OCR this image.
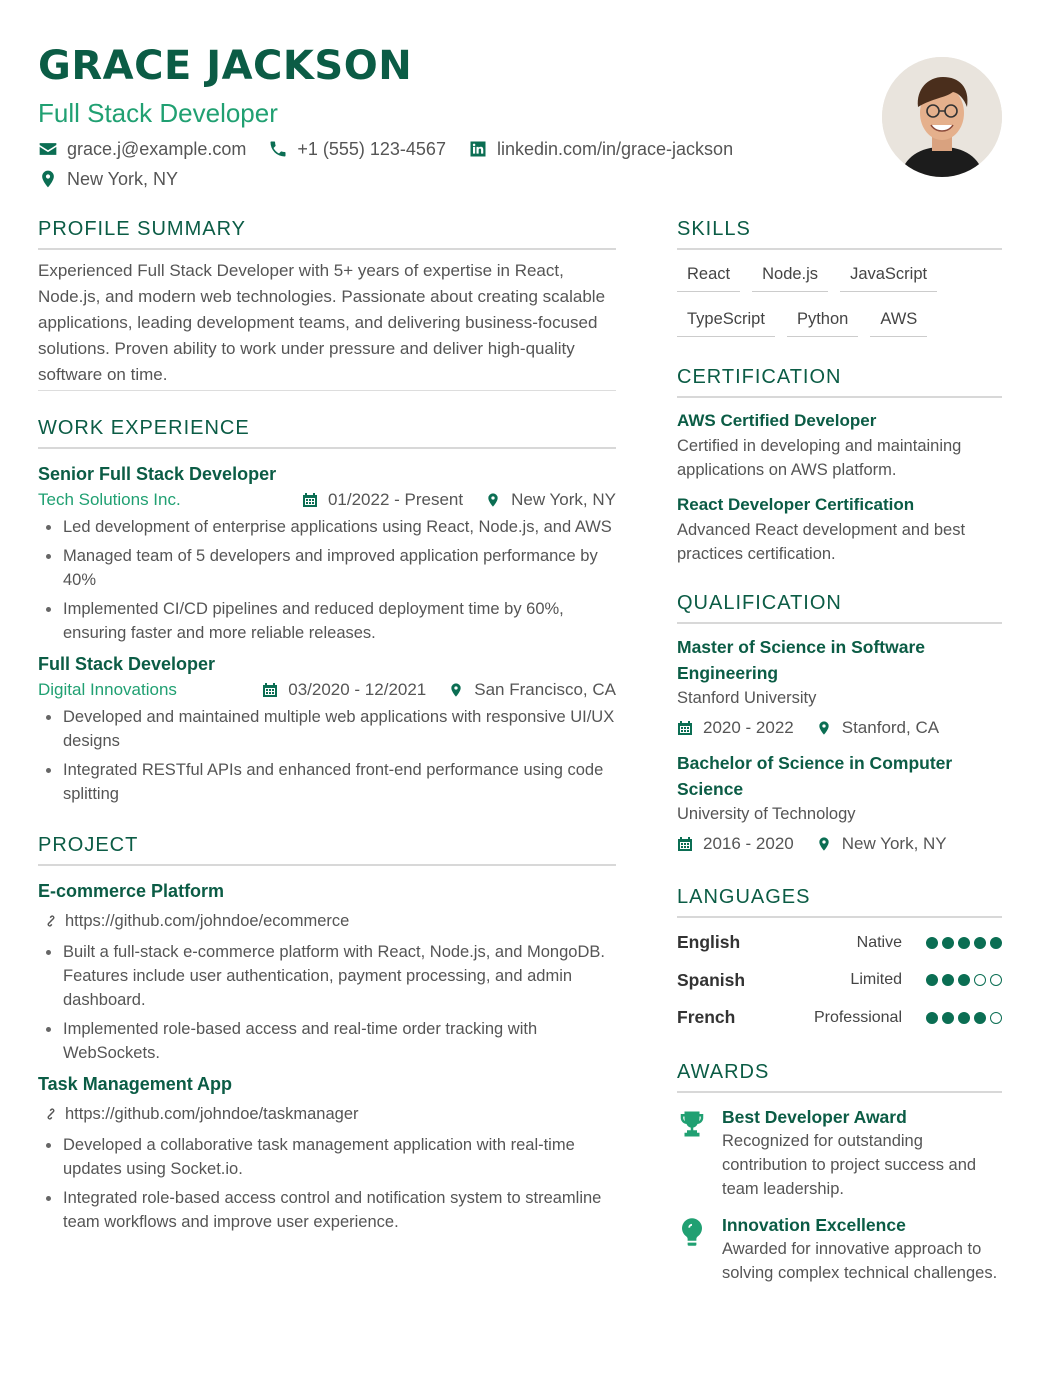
GRACE JACKSON
Full Stack Developer
grace.j@example.com	+1 (555) 123-4567	linkedin.com/in/grace-jackson
New York, NY
PROFILE SUMMARY
Experienced Full Stack Developer with 5+ years of expertise in React, Node.js, and modern web technologies. Passionate about creating scalable applications, leading development teams, and delivering business-focused solutions. Proven ability to work under pressure and deliver high-quality software on time.
WORK EXPERIENCE
Senior Full Stack Developer
Tech Solutions Inc.	01/2022 - Present	New York, NY
Led development of enterprise applications using React, Node.js, and AWS
Managed team of 5 developers and improved application performance by 40%
Implemented CI/CD pipelines and reduced deployment time by 60%, ensuring faster and more reliable releases.
Full Stack Developer
Digital Innovations	03/2020 - 12/2021	San Francisco, CA
Developed and maintained multiple web applications with responsive UI/UX designs
Integrated RESTful APIs and enhanced front-end performance using code splitting
PROJECT
E-commerce Platform
https://github.com/johndoe/ecommerce
Built a full-stack e-commerce platform with React, Node.js, and MongoDB. Features include user authentication, payment processing, and admin dashboard.
Implemented role-based access and real-time order tracking with WebSockets.
Task Management App
https://github.com/johndoe/taskmanager
Developed a collaborative task management application with real-time updates using Socket.io.
Integrated role-based access control and notification system to streamline team workflows and improve user experience.
SKILLS
React	Node.js	JavaScript
TypeScript	Python	AWS
CERTIFICATION
AWS Certified Developer
Certified in developing and maintaining applications on AWS platform.
React Developer Certification
Advanced React development and best practices certification.
QUALIFICATION
Master of Science in Software Engineering
Stanford University
2020 - 2022	Stanford, CA
Bachelor of Science in Computer Science
University of Technology
2016 - 2020	New York, NY
LANGUAGES
English	Native
Spanish	Limited
French	Professional
AWARDS
Best Developer Award
Recognized for outstanding contribution to project success and team leadership.
Innovation Excellence
Awarded for innovative approach to solving complex technical challenges.
